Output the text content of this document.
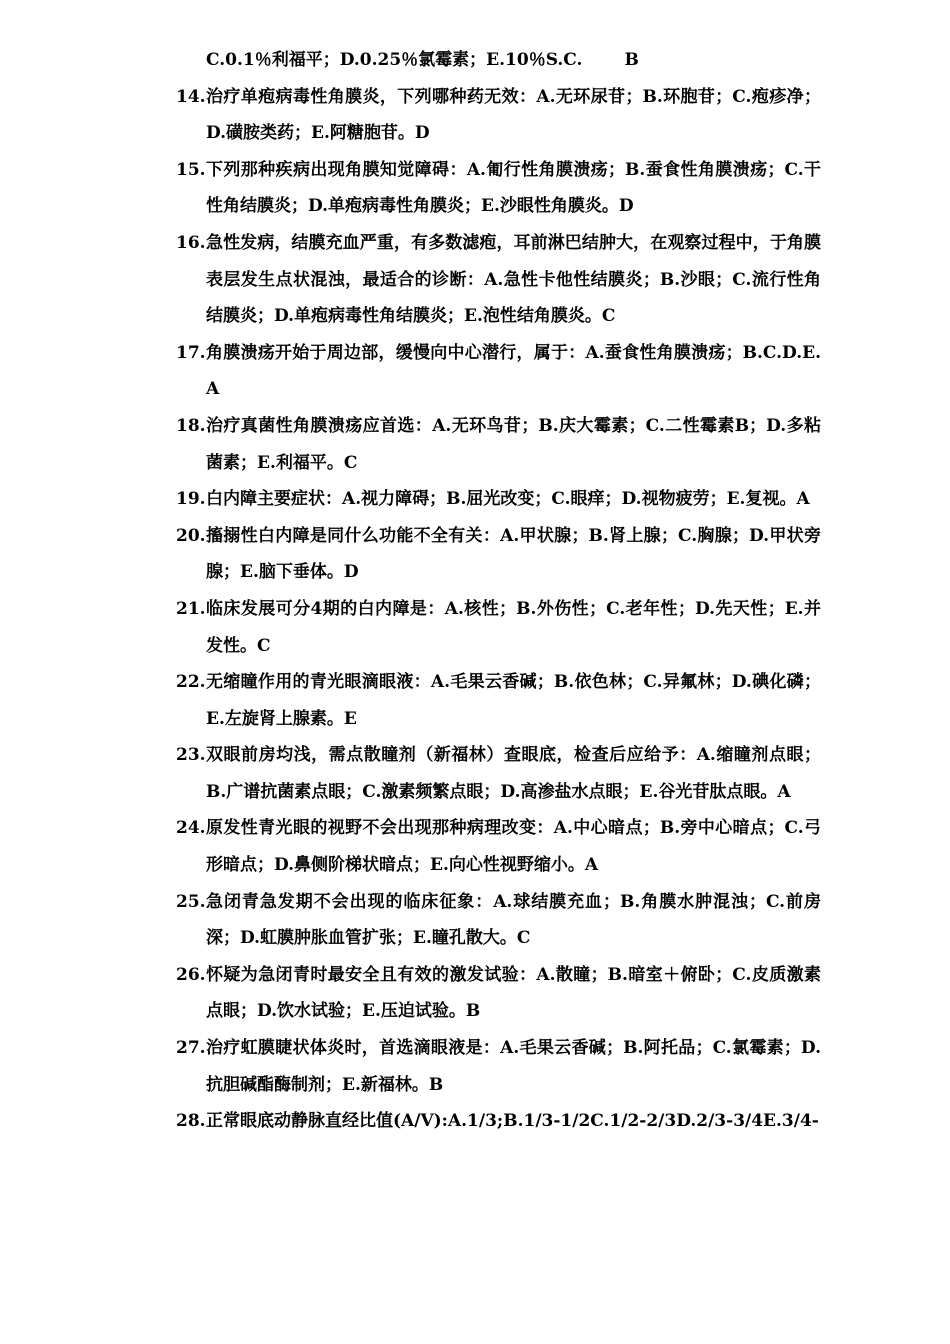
C.0.1％利福平；D.0.25％氯霉素；E.10％S.C. B
14. 治疗单疱病毒性角膜炎，下列哪种药无效：A.无环尿苷；B.环胞苷；C.疱疹净；D.磺胺类药；E.阿糖胞苷。D
15. 下列那种疾病出现角膜知觉障碍：A.匍行性角膜溃疡；B.蚕食性角膜溃疡；C.干性角结膜炎；D.单疱病毒性角膜炎；E.沙眼性角膜炎。D
16. 急性发病，结膜充血严重，有多数滤疱，耳前淋巴结肿大，在观察过程中，于角膜表层发生点状混浊，最适合的诊断：A.急性卡他性结膜炎；B.沙眼；C.流行性角结膜炎；D.单疱病毒性角结膜炎；E.泡性结角膜炎。C
17. 角膜溃疡开始于周边部，缓慢向中心潜行，属于：A.蚕食性角膜溃疡；B.C.D.E. A
18. 治疗真菌性角膜溃疡应首选：A.无环鸟苷；B.庆大霉素；C.二性霉素B；D.多粘菌素；E.利福平。C
19. 白内障主要症状：A.视力障碍；B.屈光改变；C.眼痒；D.视物疲劳；E.复视。A
20. 搐搦性白内障是同什么功能不全有关：A.甲状腺；B.肾上腺；C.胸腺；D.甲状旁腺；E.脑下垂体。D
21. 临床发展可分4期的白内障是：A.核性；B.外伤性；C.老年性；D.先天性；E.并发性。C
22. 无缩瞳作用的青光眼滴眼液：A.毛果云香碱；B.依色林；C.异氟林；D.碘化磷；E.左旋肾上腺素。E
23. 双眼前房均浅，需点散瞳剂（新福林）查眼底，检查后应给予：A.缩瞳剂点眼；B.广谱抗菌素点眼；C.激素频繁点眼；D.高渗盐水点眼；E.谷光苷肽点眼。A
24. 原发性青光眼的视野不会出现那种病理改变：A.中心暗点；B.旁中心暗点；C.弓形暗点；D.鼻侧阶梯状暗点；E.向心性视野缩小。A
25. 急闭青急发期不会出现的临床征象：A.球结膜充血；B.角膜水肿混浊；C.前房深；D.虹膜肿胀血管扩张；E.瞳孔散大。C
26. 怀疑为急闭青时最安全且有效的激发试验：A.散瞳；B.暗室＋俯卧；C.皮质激素点眼；D.饮水试验；E.压迫试验。B
27. 治疗虹膜睫状体炎时，首选滴眼液是：A.毛果云香碱；B.阿托品；C.氯霉素；D.抗胆碱酯酶制剂；E.新福林。B
28. 正常眼底动静脉直经比值(A/V):A.1/3;B.1/3-1/2C.1/2-2/3D.2/3-3/4E.3/4-
